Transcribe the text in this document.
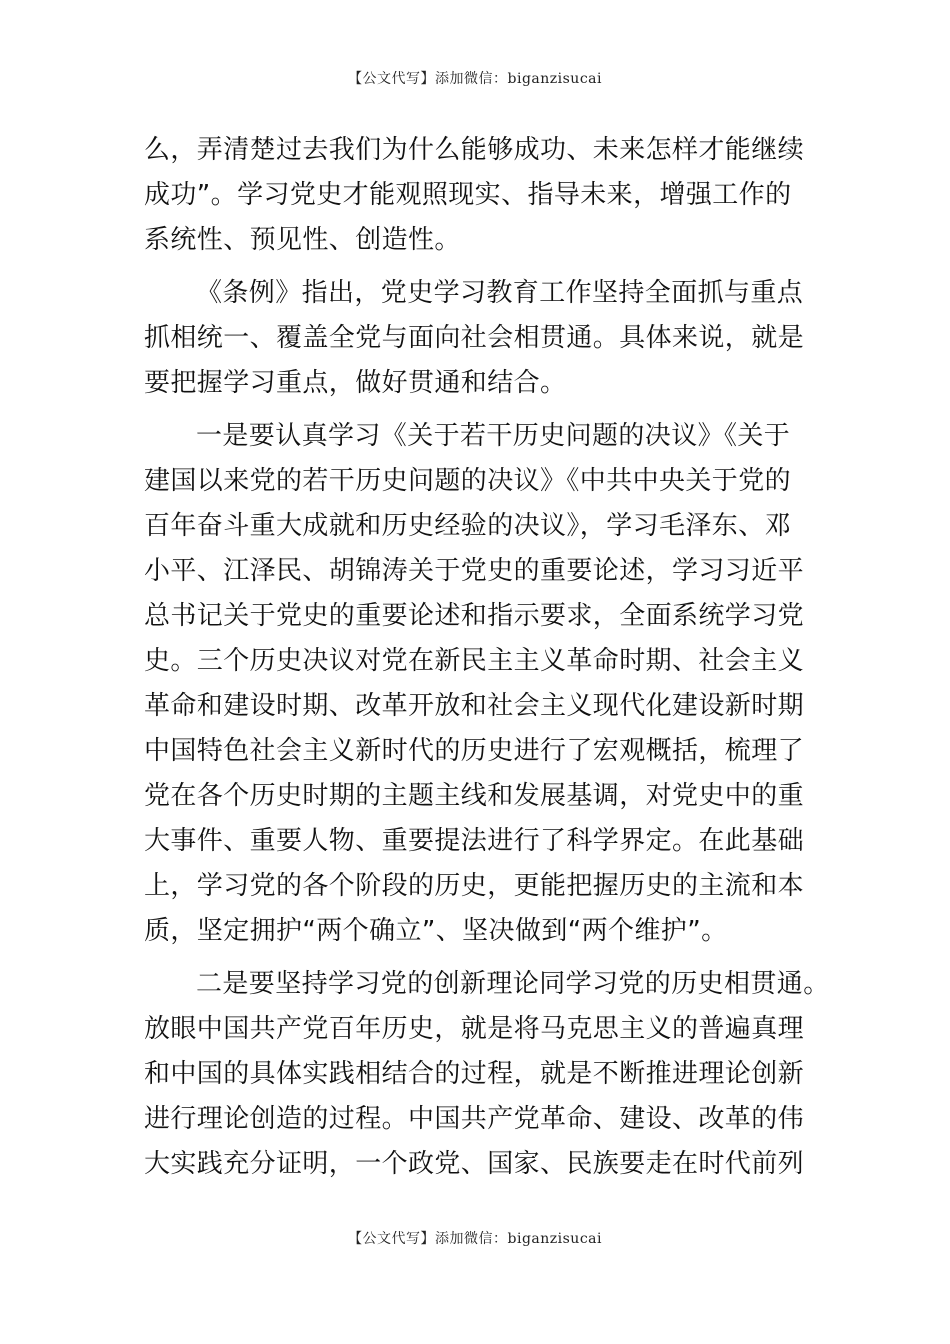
【公文代写】添加微信：biganzisucai

么，弄清楚过去我们为什么能够成功、未来怎样才能继续
成功”。学习党史才能观照现实、指导未来，增强工作的
系统性、预见性、创造性。

《条例》指出，党史学习教育工作坚持全面抓与重点
抓相统一、覆盖全党与面向社会相贯通。具体来说，就是
要把握学习重点，做好贯通和结合。

一是要认真学习《关于若干历史问题的决议》《关于
建国以来党的若干历史问题的决议》《中共中央关于党的
百年奋斗重大成就和历史经验的决议》，学习毛泽东、邓
小平、江泽民、胡锦涛关于党史的重要论述，学习习近平
总书记关于党史的重要论述和指示要求，全面系统学习党
史。三个历史决议对党在新民主主义革命时期、社会主义
革命和建设时期、改革开放和社会主义现代化建设新时期
中国特色社会主义新时代的历史进行了宏观概括，梳理了
党在各个历史时期的主题主线和发展基调，对党史中的重
大事件、重要人物、重要提法进行了科学界定。在此基础
上，学习党的各个阶段的历史，更能把握历史的主流和本
质，坚定拥护“两个确立”、坚决做到“两个维护”。

二是要坚持学习党的创新理论同学习党的历史相贯通。
放眼中国共产党百年历史，就是将马克思主义的普遍真理
和中国的具体实践相结合的过程，就是不断推进理论创新
进行理论创造的过程。中国共产党革命、建设、改革的伟
大实践充分证明，一个政党、国家、民族要走在时代前列

【公文代写】添加微信：biganzisucai
